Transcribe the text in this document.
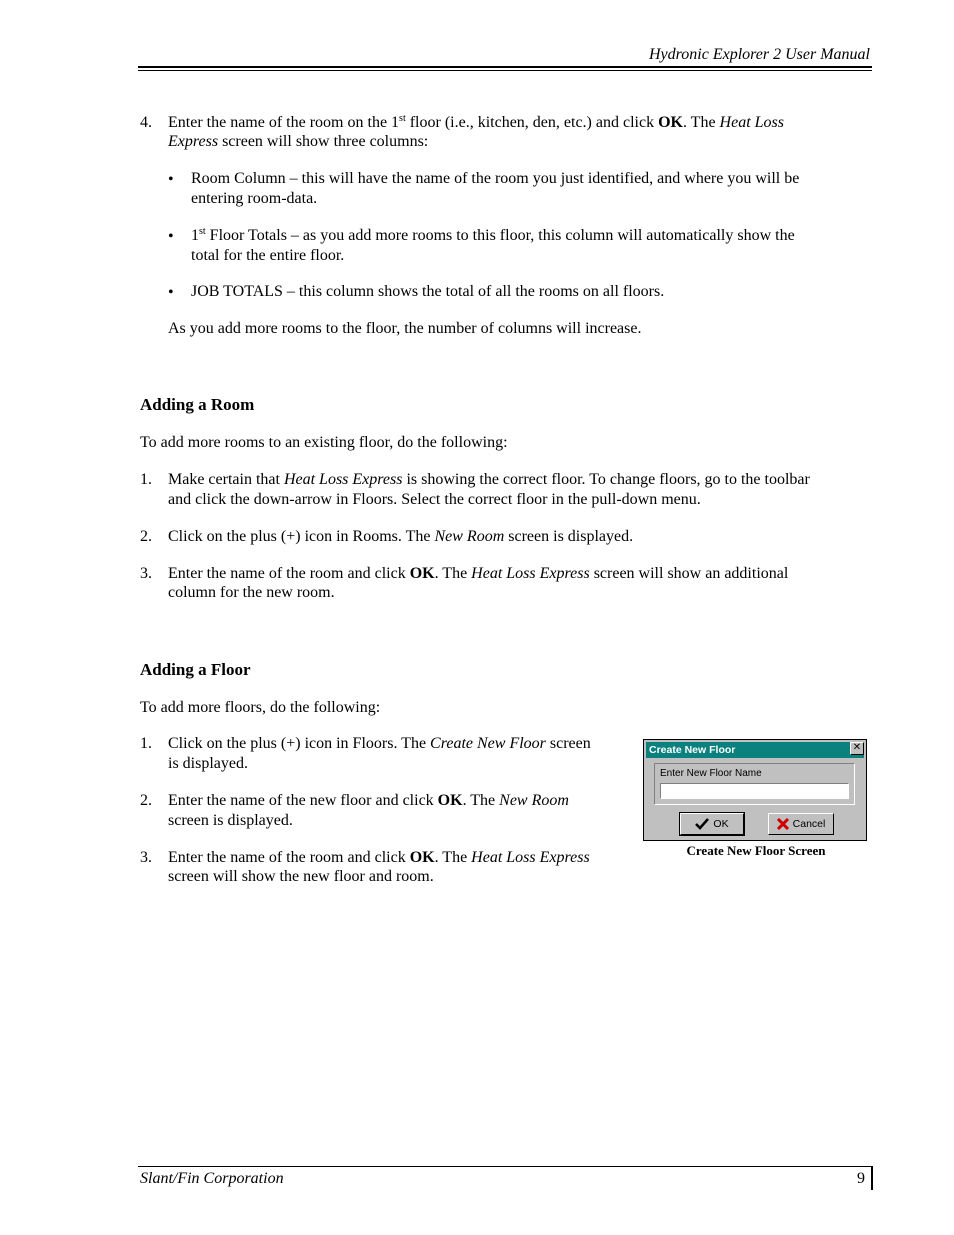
Hydronic Explorer 2 User Manual
4. Enter the name of the room on the 1st floor (i.e., kitchen, den, etc.) and click OK. The Heat Loss
Express screen will show three columns:
• Room Column – this will have the name of the room you just identified, and where you will be
entering room-data.
• 1st Floor Totals – as you add more rooms to this floor, this column will automatically show the
total for the entire floor.
• JOB TOTALS – this column shows the total of all the rooms on all floors.
As you add more rooms to the floor, the number of columns will increase.
Adding a Room
To add more rooms to an existing floor, do the following:
1. Make certain that Heat Loss Express is showing the correct floor. To change floors, go to the toolbar
and click the down-arrow in Floors. Select the correct floor in the pull-down menu.
2. Click on the plus (+) icon in Rooms. The New Room screen is displayed.
3. Enter the name of the room and click OK. The Heat Loss Express screen will show an additional
column for the new room.
Adding a Floor
To add more floors, do the following:
1. Click on the plus (+) icon in Floors. The Create New Floor screen
is displayed.
2. Enter the name of the new floor and click OK. The New Room
screen is displayed.
3. Enter the name of the room and click OK. The Heat Loss Express
screen will show the new floor and room.
Create New Floor	✕
Enter New Floor Name
OK	Cancel
Create New Floor Screen
Slant/Fin Corporation	9
